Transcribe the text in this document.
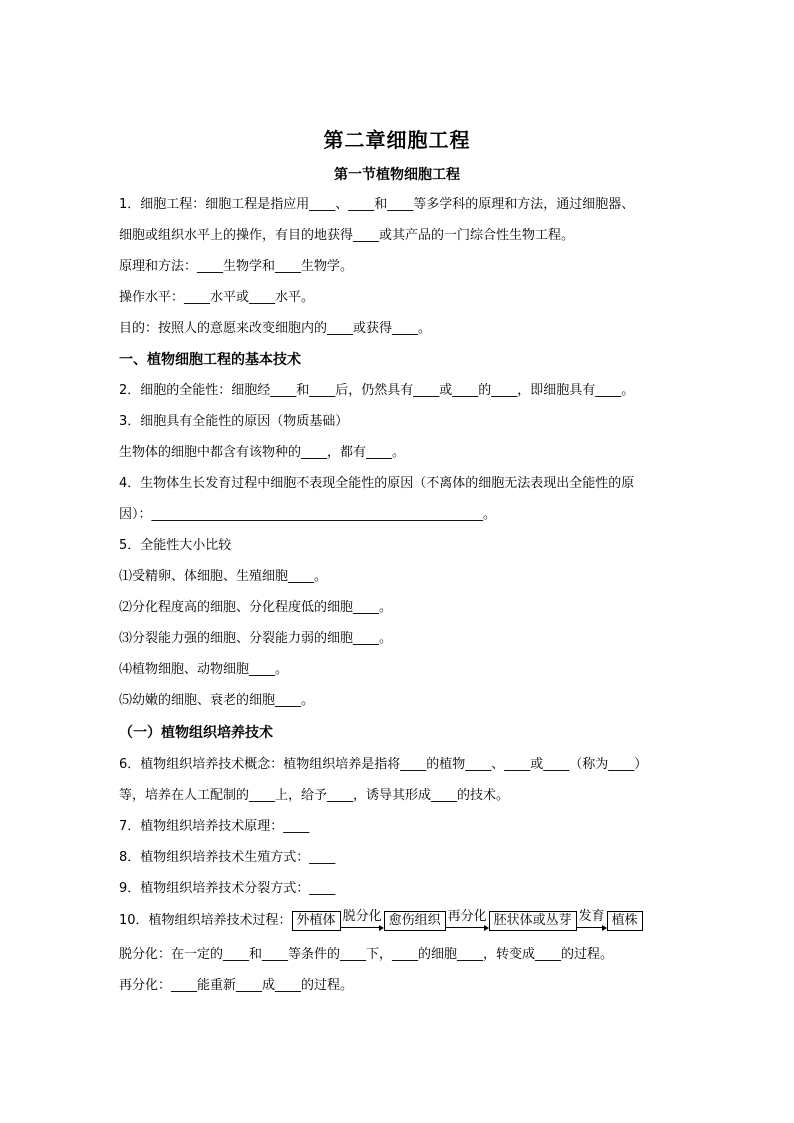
第二章细胞工程
第一节植物细胞工程
1．细胞工程：细胞工程是指应用____、____和____等多学科的原理和方法，通过细胞器、
细胞或组织水平上的操作，有目的地获得____或其产品的一门综合性生物工程。
原理和方法：____生物学和____生物学。
操作水平：____水平或____水平。
目的：按照人的意愿来改变细胞内的____或获得____。
一、植物细胞工程的基本技术
2．细胞的全能性：细胞经____和____后，仍然具有____或____的____，即细胞具有____。
3．细胞具有全能性的原因（物质基础）
生物体的细胞中都含有该物种的____，都有____。
4．生物体生长发育过程中细胞不表现全能性的原因（不离体的细胞无法表现出全能性的原
因）：___________________________________________________。
5．全能性大小比较
⑴受精卵、体细胞、生殖细胞____。
⑵分化程度高的细胞、分化程度低的细胞____。
⑶分裂能力强的细胞、分裂能力弱的细胞____。
⑷植物细胞、动物细胞____。
⑸幼嫩的细胞、衰老的细胞____。
（一）植物组织培养技术
6．植物组织培养技术概念：植物组织培养是指将____的植物____、____或____（称为____）
等，培养在人工配制的____上，给予____，诱导其形成____的技术。
7．植物组织培养技术原理：____
8．植物组织培养技术生殖方式：____
9．植物组织培养技术分裂方式：____
10．植物组织培养技术过程： 外植体 脱分化 愈伤组织 再分化 胚状体或丛芽 发育 植株
脱分化：在一定的____和____等条件的____下，____的细胞____，转变成____的过程。
再分化：____能重新____成____的过程。
